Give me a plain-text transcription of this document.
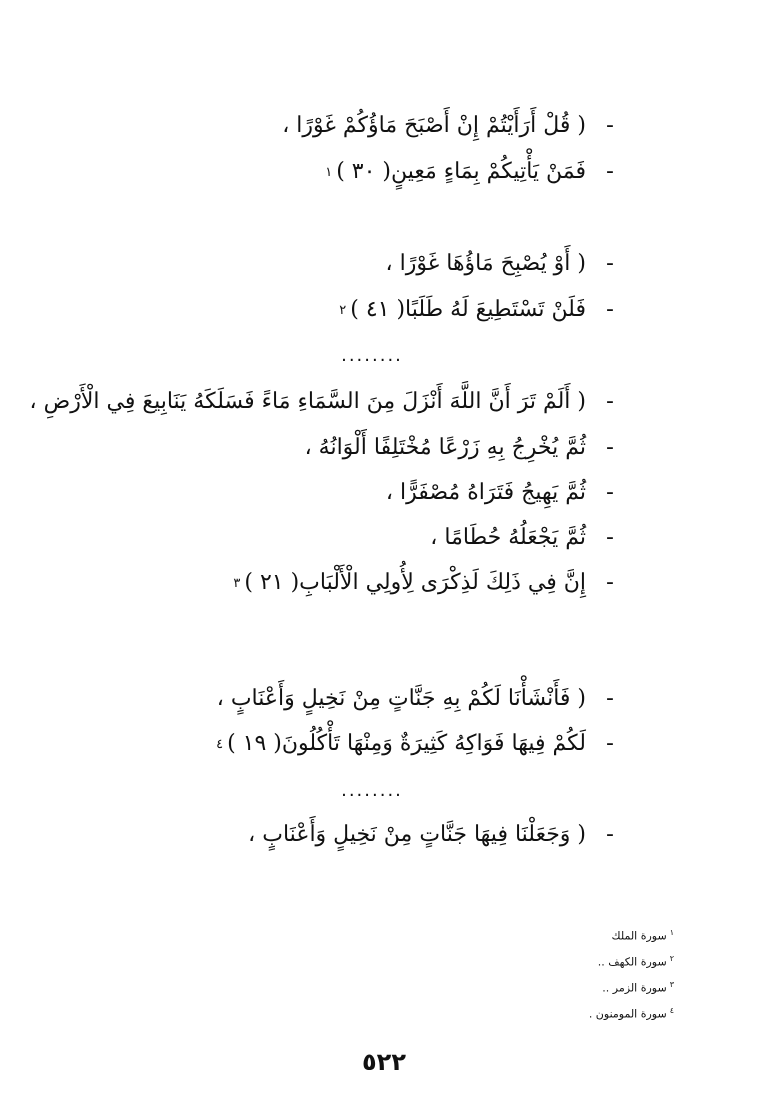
-
( قُلْ أَرَأَيْتُمْ إِنْ أَصْبَحَ مَاؤُكُمْ غَوْرًا ،
-
فَمَنْ يَأْتِيكُمْ بِمَاءٍ مَعِينٍ( ٣٠ )
١
-
( أَوْ يُصْبِحَ مَاؤُهَا غَوْرًا ،
-
فَلَنْ تَسْتَطِيعَ لَهُ طَلَبًا( ٤١ )
٢
........
-
( أَلَمْ تَرَ أَنَّ اللَّهَ أَنْزَلَ مِنَ السَّمَاءِ مَاءً فَسَلَكَهُ يَنَابِيعَ فِي الْأَرْضِ ،
-
ثُمَّ يُخْرِجُ بِهِ زَرْعًا مُخْتَلِفًا أَلْوَانُهُ ،
-
ثُمَّ يَهِيجُ فَتَرَاهُ مُصْفَرًّا ،
-
ثُمَّ يَجْعَلُهُ حُطَامًا ،
-
إِنَّ فِي ذَلِكَ لَذِكْرَى لِأُولِي الْأَلْبَابِ( ٢١ )
٣
-
( فَأَنْشَأْنَا لَكُمْ بِهِ جَنَّاتٍ مِنْ نَخِيلٍ وَأَعْنَابٍ ،
-
لَكُمْ فِيهَا فَوَاكِهُ كَثِيرَةٌ وَمِنْهَا تَأْكُلُونَ( ١٩ )
٤
........
-
( وَجَعَلْنَا فِيهَا جَنَّاتٍ مِنْ نَخِيلٍ وَأَعْنَابٍ ،
$^١$سورة الملك
$^٢$سورة الكهف ..
$^٣$سورة الزمر ..
$^٤$سورة المومنون .
٥٢٢
